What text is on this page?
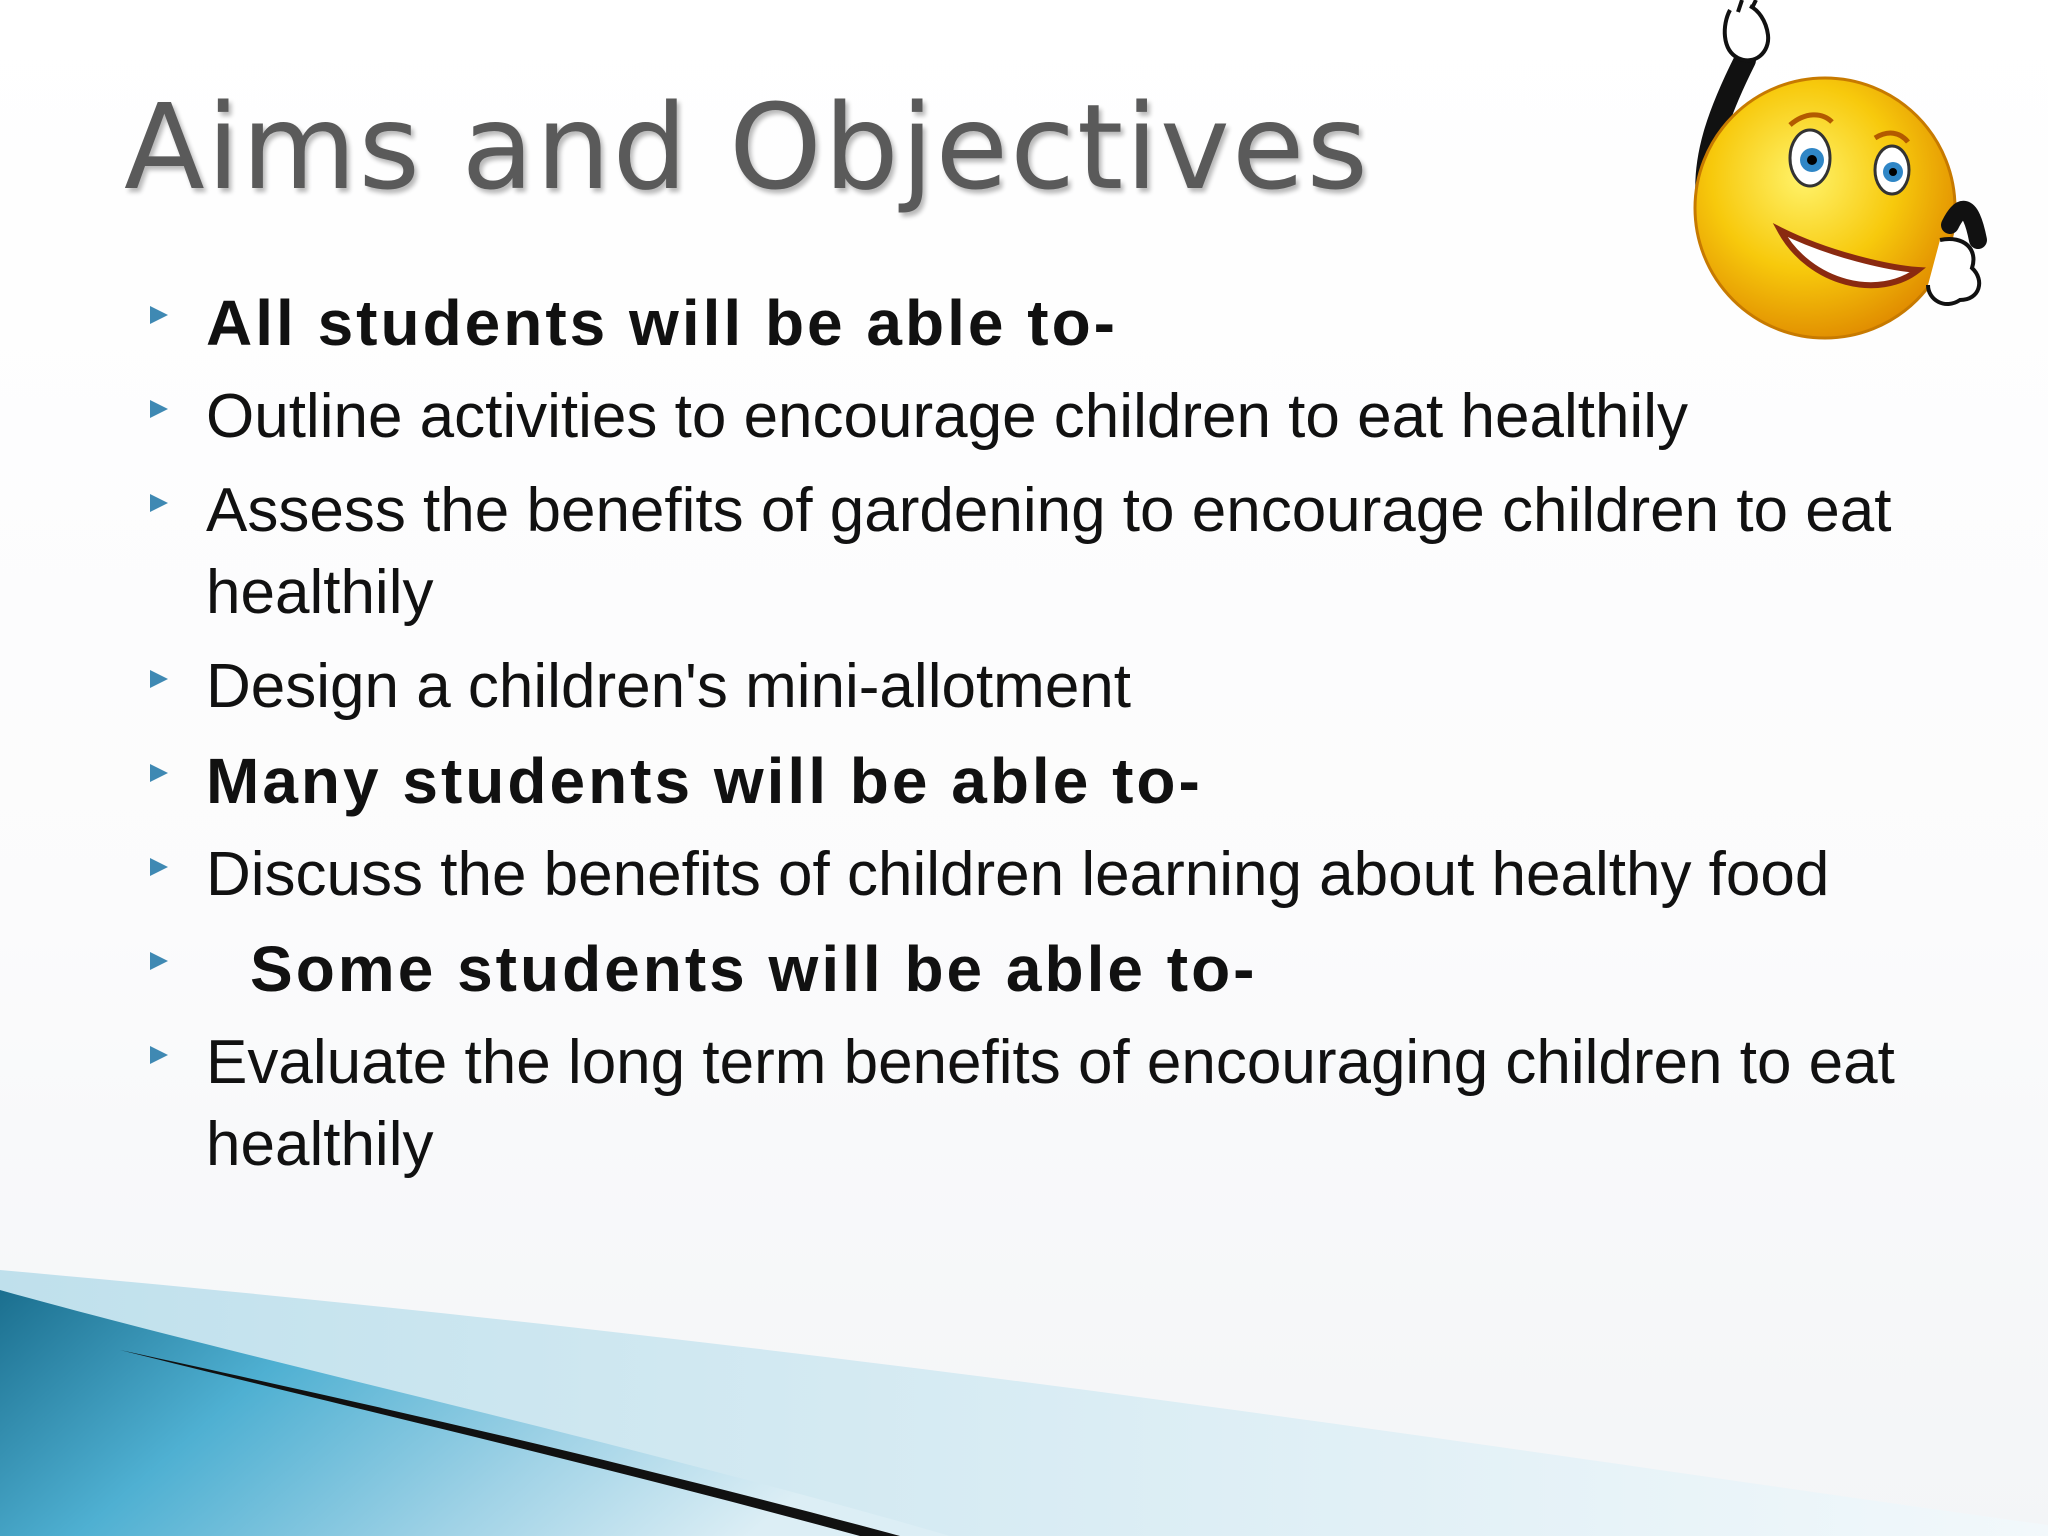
Aims and Objectives
All students will be able to-
Outline activities to encourage children to eat healthily
Assess the benefits of gardening to encourage children to eat healthily
Design a children's mini-allotment
Many students will be able to-
Discuss the benefits of children learning about healthy food
Some students will be able to-
Evaluate the long term benefits of encouraging children to eat healthily
